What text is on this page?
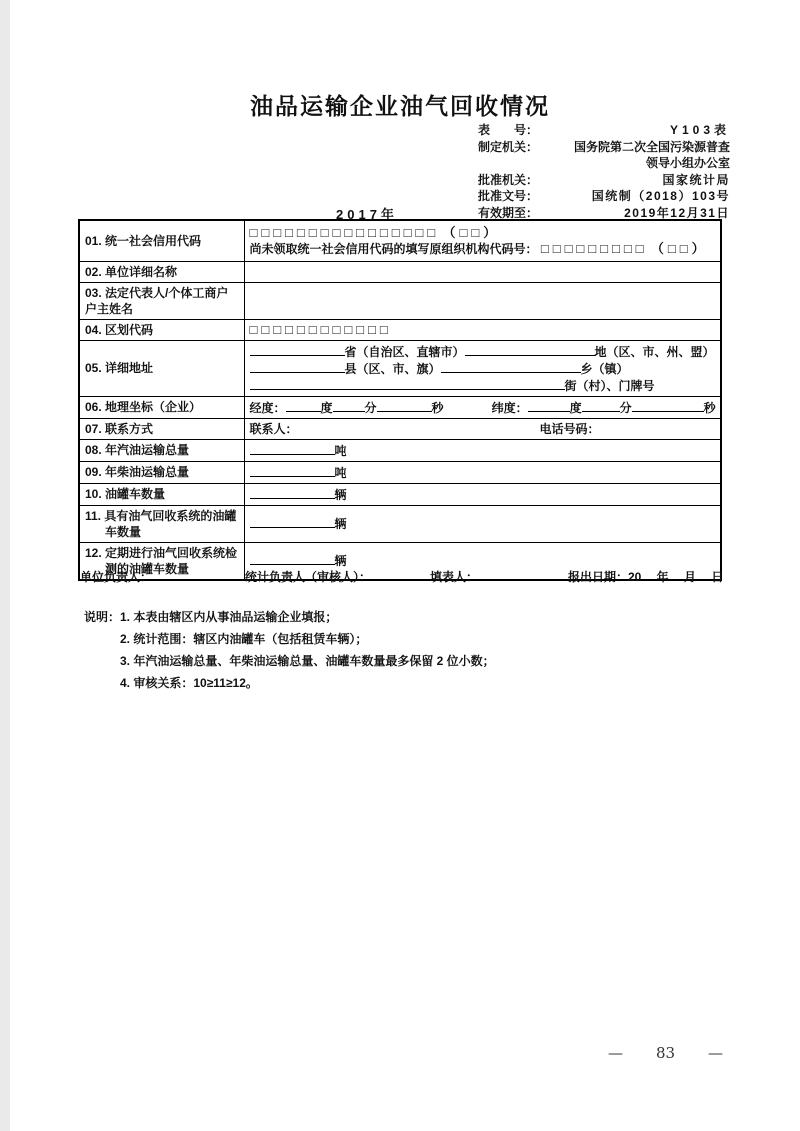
油品运输企业油气回收情况
表　　号：	Y103表
制定机关：	国务院第二次全国污染源普查
领导小组办公室
批准机关：	国家统计局
批准文号：	国统制（2018）103号
有效期至：	2019年12月31日
2017年
01. 统一社会信用代码	□□□□□□□□□□□□□□□□ （□□）
尚未领取统一社会信用代码的填写原组织机构代码号： □□□□□□□□□ （□□）

02. 单位详细名称	
03. 法定代表人/个体工商户户主姓名	
04. 区划代码	□□□□□□□□□□□□
05. 详细地址	省（自治区、直辖市） 地（区、市、州、盟）
县（区、市、旗） 乡（镇）
街（村）、门牌号

06. 地理坐标（企业）	经度： 度 分 秒 纬度： 度 分 秒

07. 联系方式	联系人： 电话号码：
08. 年汽油运输总量	吨
09. 年柴油运输总量	吨
10. 油罐车数量	辆

11. 具有油气回收系统的油罐车数量	辆

12. 定期进行油气回收系统检测的油罐车数量	辆
单位负责人：	统计负责人（审核人）：	填表人：	报出日期：20　 年　 月　 日
说明： 1. 本表由辖区内从事油品运输企业填报；
2. 统计范围：辖区内油罐车（包括租赁车辆）；
3. 年汽油运输总量、年柴油运输总量、油罐车数量最多保留 2 位小数；
4. 审核关系：10≥11≥12。
— 83 —
